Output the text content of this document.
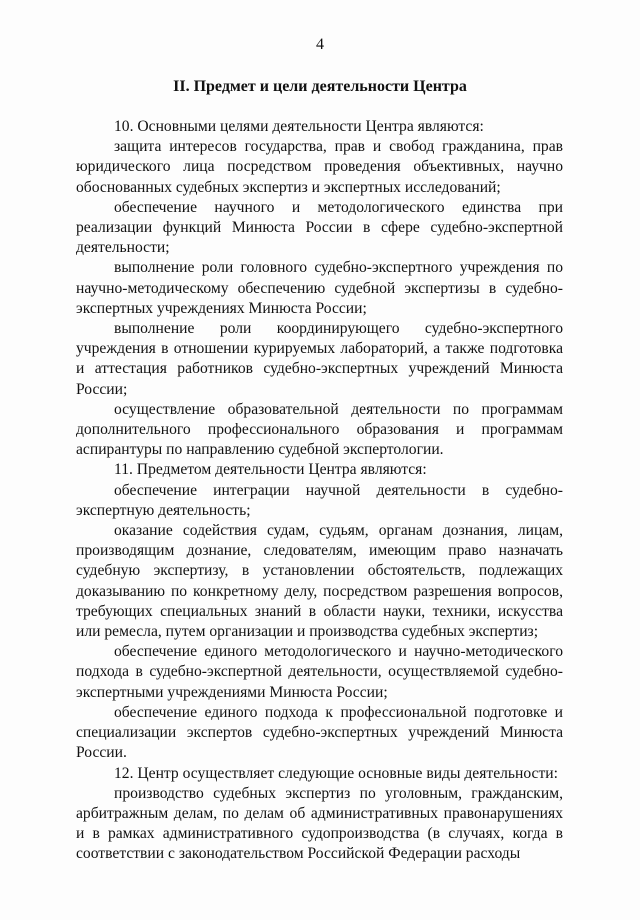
4
II. Предмет и цели деятельности Центра

10. Основными целями деятельности Центра являются:

защита интересов государства, прав и свобод гражданина, прав юридического лица посредством проведения объективных, научно обоснованных судебных экспертиз и экспертных исследований;

обеспечение научного и методологического единства при реализации функций Минюста России в сфере судебно-экспертной деятельности;

выполнение роли головного судебно-экспертного учреждения по научно-методическому обеспечению судебной экспертизы в судебно-экспертных учреждениях Минюста России;

выполнение роли координирующего судебно-экспертного учреждения в отношении курируемых лабораторий, а также подготовка и аттестация работников судебно-экспертных учреждений Минюста России;

осуществление образовательной деятельности по программам дополнительного профессионального образования и программам аспирантуры по направлению судебной экспертологии.

11. Предметом деятельности Центра являются:

обеспечение интеграции научной деятельности в судебно-экспертную деятельность;

оказание содействия судам, судьям, органам дознания, лицам, производящим дознание, следователям, имеющим право назначать судебную экспертизу, в установлении обстоятельств, подлежащих доказыванию по конкретному делу, посредством разрешения вопросов, требующих специальных знаний в области науки, техники, искусства или ремесла, путем организации и производства судебных экспертиз;

обеспечение единого методологического и научно-методического подхода в судебно-экспертной деятельности, осуществляемой судебно-экспертными учреждениями Минюста России;

обеспечение единого подхода к профессиональной подготовке и специализации экспертов судебно-экспертных учреждений Минюста России.

12. Центр осуществляет следующие основные виды деятельности:

производство судебных экспертиз по уголовным, гражданским, арбитражным делам, по делам об административных правонарушениях и в рамках административного судопроизводства (в случаях, когда в соответствии с законодательством Российской Федерации расходы
